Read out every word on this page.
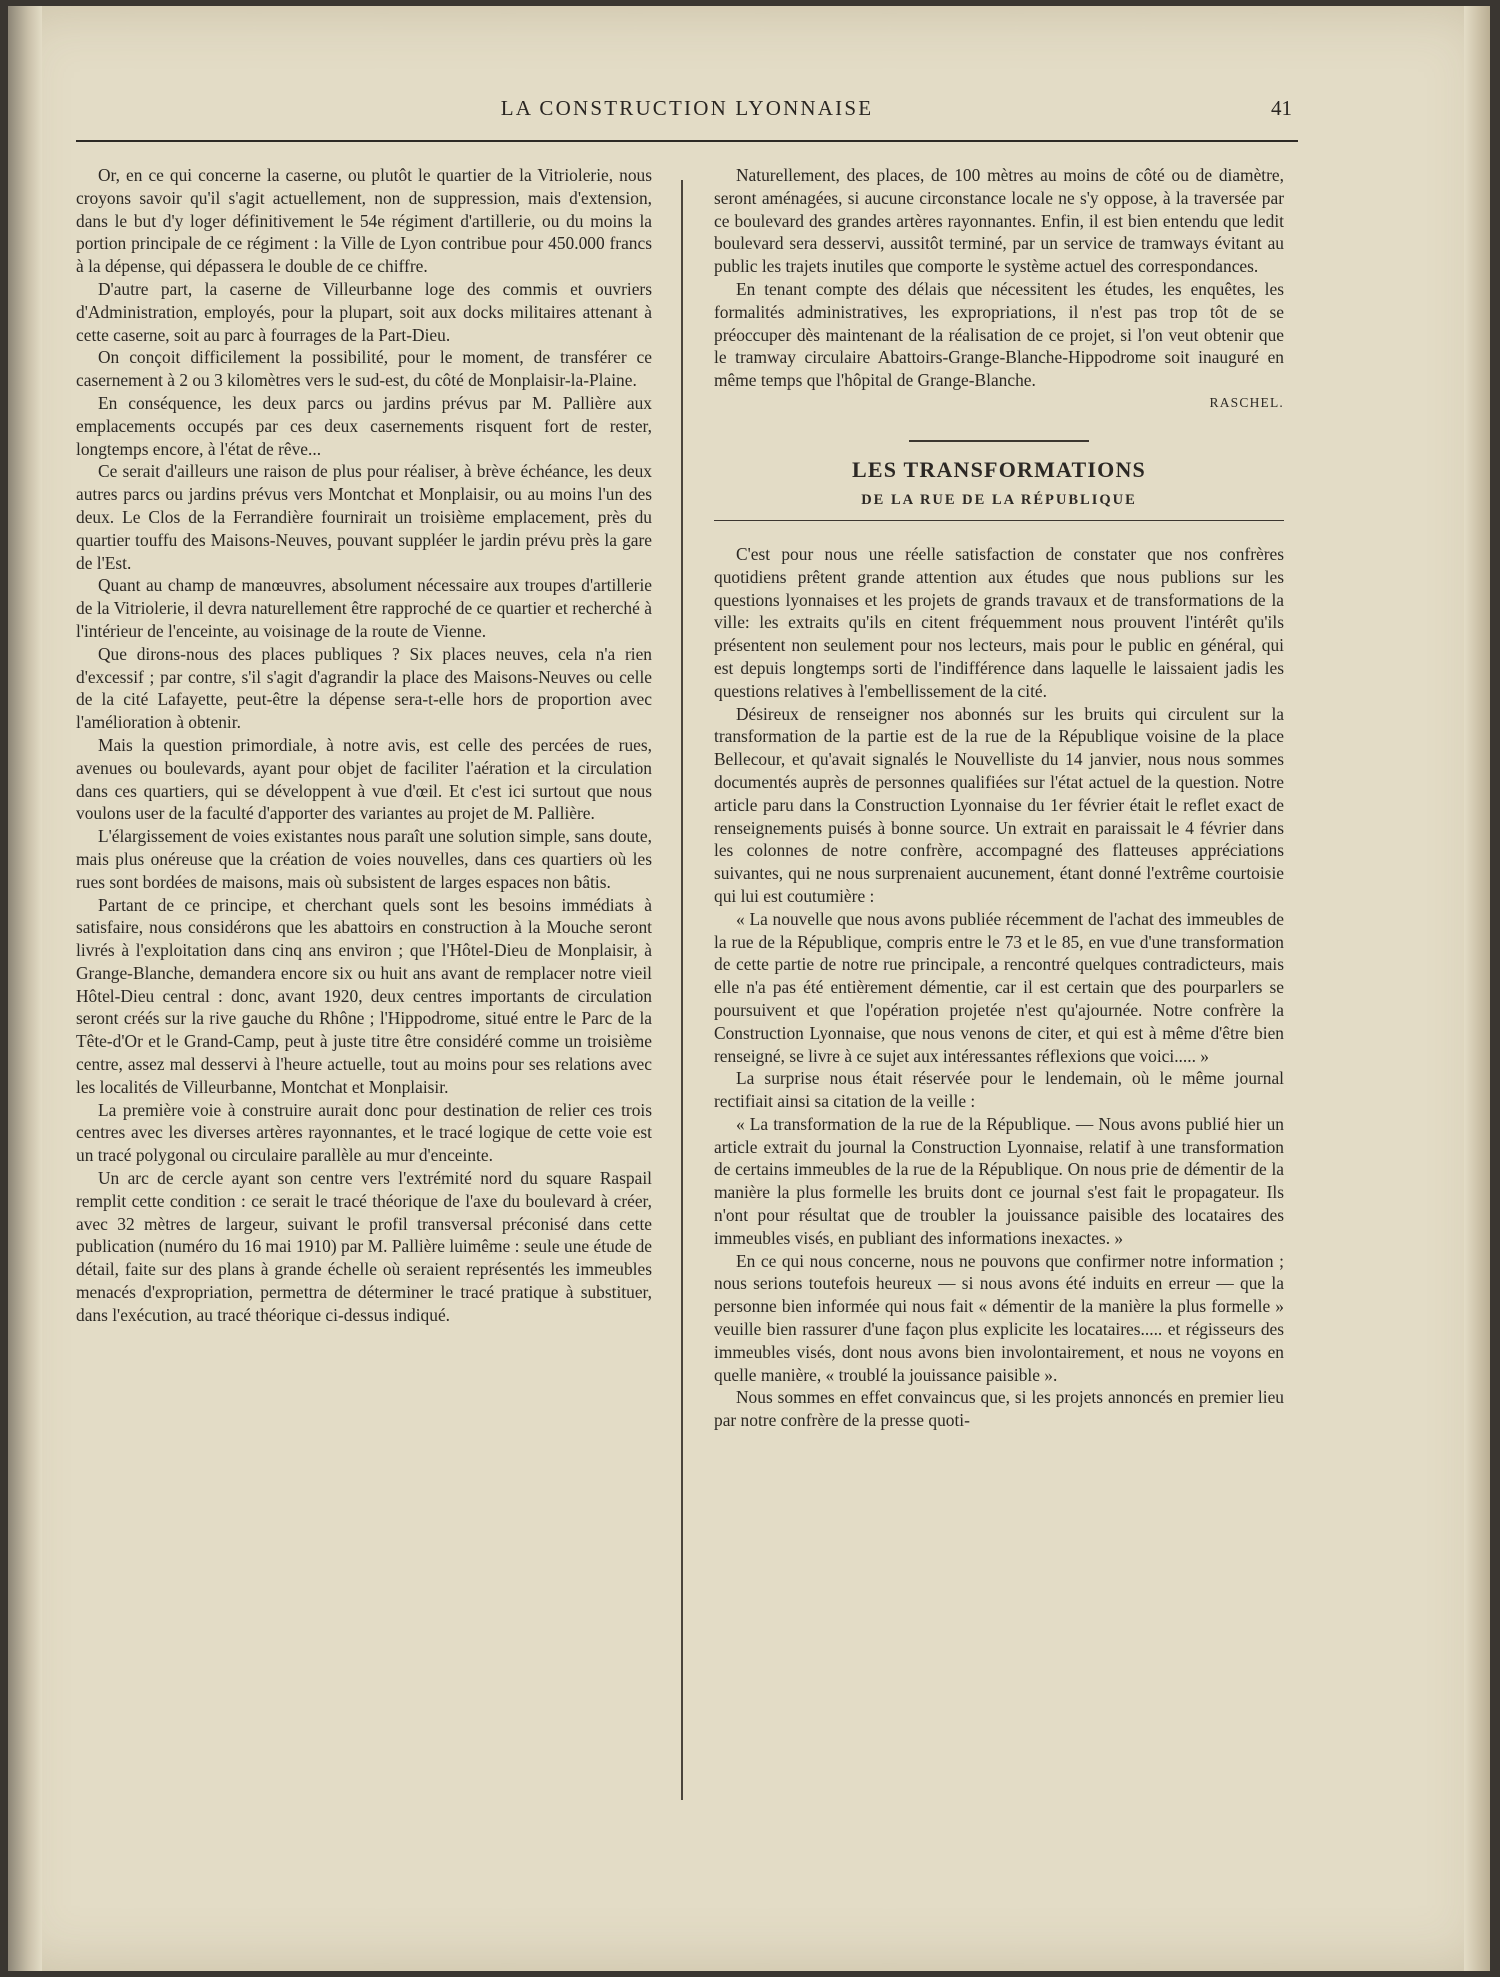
LA CONSTRUCTION LYONNAISE	41

Or, en ce qui concerne la caserne, ou plutôt le quartier de la Vitriolerie, nous croyons savoir qu'il s'agit actuellement, non de suppression, mais d'extension, dans le but d'y loger définitivement le 54e régiment d'artillerie, ou du moins la portion principale de ce régiment : la Ville de Lyon contribue pour 450.000 francs à la dépense, qui dépassera le double de ce chiffre.

D'autre part, la caserne de Villeurbanne loge des commis et ouvriers d'Administration, employés, pour la plupart, soit aux docks militaires attenant à cette caserne, soit au parc à fourrages de la Part-Dieu.

On conçoit difficilement la possibilité, pour le moment, de transférer ce casernement à 2 ou 3 kilomètres vers le sud-est, du côté de Monplaisir-la-Plaine.

En conséquence, les deux parcs ou jardins prévus par M. Pallière aux emplacements occupés par ces deux casernements risquent fort de rester, longtemps encore, à l'état de rêve...

Ce serait d'ailleurs une raison de plus pour réaliser, à brève échéance, les deux autres parcs ou jardins prévus vers Montchat et Monplaisir, ou au moins l'un des deux. Le Clos de la Ferrandière fournirait un troisième emplacement, près du quartier touffu des Maisons-Neuves, pouvant suppléer le jardin prévu près la gare de l'Est.

Quant au champ de manœuvres, absolument nécessaire aux troupes d'artillerie de la Vitriolerie, il devra naturellement être rapproché de ce quartier et recherché à l'intérieur de l'enceinte, au voisinage de la route de Vienne.

Que dirons-nous des places publiques ? Six places neuves, cela n'a rien d'excessif ; par contre, s'il s'agit d'agrandir la place des Maisons-Neuves ou celle de la cité Lafayette, peut-être la dépense sera-t-elle hors de proportion avec l'amélioration à obtenir.

Mais la question primordiale, à notre avis, est celle des percées de rues, avenues ou boulevards, ayant pour objet de faciliter l'aération et la circulation dans ces quartiers, qui se développent à vue d'œil. Et c'est ici surtout que nous voulons user de la faculté d'apporter des variantes au projet de M. Pallière.

L'élargissement de voies existantes nous paraît une solution simple, sans doute, mais plus onéreuse que la création de voies nouvelles, dans ces quartiers où les rues sont bordées de maisons, mais où subsistent de larges espaces non bâtis.

Partant de ce principe, et cherchant quels sont les besoins immédiats à satisfaire, nous considérons que les abattoirs en construction à la Mouche seront livrés à l'exploitation dans cinq ans environ ; que l'Hôtel-Dieu de Monplaisir, à Grange-Blanche, demandera encore six ou huit ans avant de remplacer notre vieil Hôtel-Dieu central : donc, avant 1920, deux centres importants de circulation seront créés sur la rive gauche du Rhône ; l'Hippodrome, situé entre le Parc de la Tête-d'Or et le Grand-Camp, peut à juste titre être considéré comme un troisième centre, assez mal desservi à l'heure actuelle, tout au moins pour ses relations avec les localités de Villeurbanne, Montchat et Monplaisir.

La première voie à construire aurait donc pour destination de relier ces trois centres avec les diverses artères rayonnantes, et le tracé logique de cette voie est un tracé polygonal ou circulaire parallèle au mur d'enceinte.

Un arc de cercle ayant son centre vers l'extrémité nord du square Raspail remplit cette condition : ce serait le tracé théorique de l'axe du boulevard à créer, avec 32 mètres de largeur, suivant le profil transversal préconisé dans cette publication (numéro du 16 mai 1910) par M. Pallière luimême : seule une étude de détail, faite sur des plans à grande échelle où seraient représentés les immeubles menacés d'expropriation, permettra de déterminer le tracé pratique à substituer, dans l'exécution, au tracé théorique ci-dessus indiqué.

Naturellement, des places, de 100 mètres au moins de côté ou de diamètre, seront aménagées, si aucune circonstance locale ne s'y oppose, à la traversée par ce boulevard des grandes artères rayonnantes. Enfin, il est bien entendu que ledit boulevard sera desservi, aussitôt terminé, par un service de tramways évitant au public les trajets inutiles que comporte le système actuel des correspondances.

En tenant compte des délais que nécessitent les études, les enquêtes, les formalités administratives, les expropriations, il n'est pas trop tôt de se préoccuper dès maintenant de la réalisation de ce projet, si l'on veut obtenir que le tramway circulaire Abattoirs-Grange-Blanche-Hippodrome soit inauguré en même temps que l'hôpital de Grange-Blanche.

RASCHEL.

LES TRANSFORMATIONS
DE LA RUE DE LA RÉPUBLIQUE

C'est pour nous une réelle satisfaction de constater que nos confrères quotidiens prêtent grande attention aux études que nous publions sur les questions lyonnaises et les projets de grands travaux et de transformations de la ville: les extraits qu'ils en citent fréquemment nous prouvent l'intérêt qu'ils présentent non seulement pour nos lecteurs, mais pour le public en général, qui est depuis longtemps sorti de l'indifférence dans laquelle le laissaient jadis les questions relatives à l'embellissement de la cité.

Désireux de renseigner nos abonnés sur les bruits qui circulent sur la transformation de la partie est de la rue de la République voisine de la place Bellecour, et qu'avait signalés le Nouvelliste du 14 janvier, nous nous sommes documentés auprès de personnes qualifiées sur l'état actuel de la question. Notre article paru dans la Construction Lyonnaise du 1er février était le reflet exact de renseignements puisés à bonne source. Un extrait en paraissait le 4 février dans les colonnes de notre confrère, accompagné des flatteuses appréciations suivantes, qui ne nous surprenaient aucunement, étant donné l'extrême courtoisie qui lui est coutumière :

« La nouvelle que nous avons publiée récemment de l'achat des immeubles de la rue de la République, compris entre le 73 et le 85, en vue d'une transformation de cette partie de notre rue principale, a rencontré quelques contradicteurs, mais elle n'a pas été entièrement démentie, car il est certain que des pourparlers se poursuivent et que l'opération projetée n'est qu'ajournée. Notre confrère la Construction Lyonnaise, que nous venons de citer, et qui est à même d'être bien renseigné, se livre à ce sujet aux intéressantes réflexions que voici..... »

La surprise nous était réservée pour le lendemain, où le même journal rectifiait ainsi sa citation de la veille :

« La transformation de la rue de la République. — Nous avons publié hier un article extrait du journal la Construction Lyonnaise, relatif à une transformation de certains immeubles de la rue de la République. On nous prie de démentir de la manière la plus formelle les bruits dont ce journal s'est fait le propagateur. Ils n'ont pour résultat que de troubler la jouissance paisible des locataires des immeubles visés, en publiant des informations inexactes. »

En ce qui nous concerne, nous ne pouvons que confirmer notre information ; nous serions toutefois heureux — si nous avons été induits en erreur — que la personne bien informée qui nous fait « démentir de la manière la plus formelle » veuille bien rassurer d'une façon plus explicite les locataires..... et régisseurs des immeubles visés, dont nous avons bien involontairement, et nous ne voyons en quelle manière, « troublé la jouissance paisible ».

Nous sommes en effet convaincus que, si les projets annoncés en premier lieu par notre confrère de la presse quoti-
